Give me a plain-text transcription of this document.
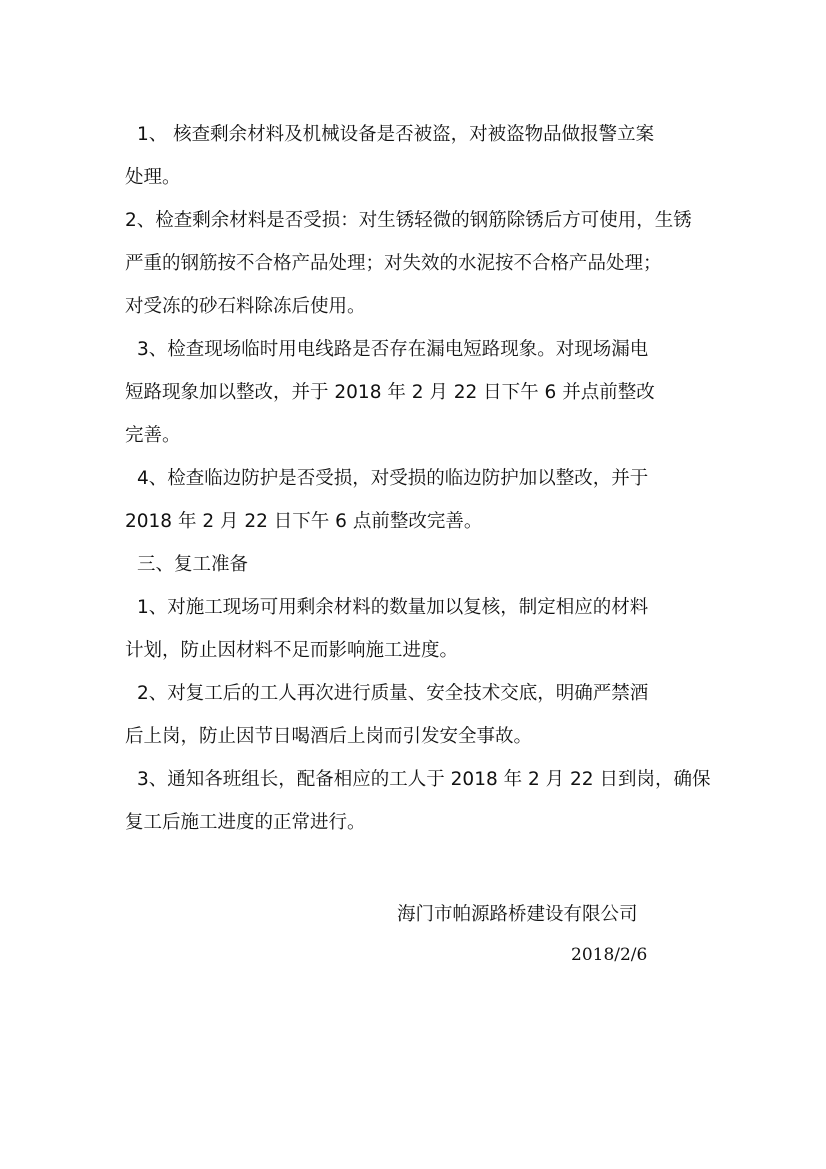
1、 核查剩余材料及机械设备是否被盗，对被盗物品做报警立案
处理。
2、检查剩余材料是否受损：对生锈轻微的钢筋除锈后方可使用，生锈
严重的钢筋按不合格产品处理；对失效的水泥按不合格产品处理；
对受冻的砂石料除冻后使用。
3、检查现场临时用电线路是否存在漏电短路现象。对现场漏电
短路现象加以整改，并于 2018 年 2 月 22 日下午 6 并点前整改
完善。
4、检查临边防护是否受损，对受损的临边防护加以整改，并于
2018 年 2 月 22 日下午 6 点前整改完善。
三、复工准备
1、对施工现场可用剩余材料的数量加以复核，制定相应的材料
计划，防止因材料不足而影响施工进度。
2、对复工后的工人再次进行质量、安全技术交底，明确严禁酒
后上岗，防止因节日喝酒后上岗而引发安全事故。
3、通知各班组长，配备相应的工人于 2018 年 2 月 22 日到岗，确保
复工后施工进度的正常进行。
海门市帕源路桥建设有限公司
2018/2/6
